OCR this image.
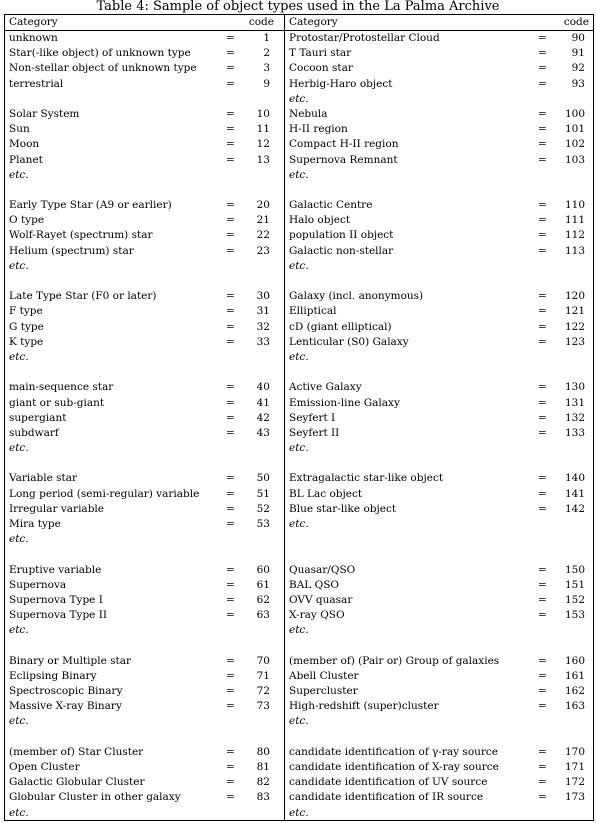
Table 4: Sample of object types used in the La Palma Archive
Category	code
unknown	=	1
Star(-like object) of unknown type	=	2
Non-stellar object of unknown type	=	3
terrestrial	=	9
Solar System	=	10
Sun	=	11
Moon	=	12
Planet	=	13
etc.
Early Type Star (A9 or earlier)	=	20
O type	=	21
Wolf-Rayet (spectrum) star	=	22
Helium (spectrum) star	=	23
etc.
Late Type Star (F0 or later)	=	30
F type	=	31
G type	=	32
K type	=	33
etc.
main-sequence star	=	40
giant or sub-giant	=	41
supergiant	=	42
subdwarf	=	43
etc.
Variable star	=	50
Long period (semi-regular) variable	=	51
Irregular variable	=	52
Mira type	=	53
etc.
Eruptive variable	=	60
Supernova	=	61
Supernova Type I	=	62
Supernova Type II	=	63
etc.
Binary or Multiple star	=	70
Eclipsing Binary	=	71
Spectroscopic Binary	=	72
Massive X-ray Binary	=	73
etc.
(member of) Star Cluster	=	80
Open Cluster	=	81
Galactic Globular Cluster	=	82
Globular Cluster in other galaxy	=	83
etc.
Category	code
Protostar/Protostellar Cloud	=	90
T Tauri star	=	91
Cocoon star	=	92
Herbig-Haro object	=	93
etc.
Nebula	=	100
H-II region	=	101
Compact H-II region	=	102
Supernova Remnant	=	103
etc.
Galactic Centre	=	110
Halo object	=	111
population II object	=	112
Galactic non-stellar	=	113
etc.
Galaxy (incl. anonymous)	=	120
Elliptical	=	121
cD (giant elliptical)	=	122
Lenticular (S0) Galaxy	=	123
etc.
Active Galaxy	=	130
Emission-line Galaxy	=	131
Seyfert I	=	132
Seyfert II	=	133
etc.
Extragalactic star-like object	=	140
BL Lac object	=	141
Blue star-like object	=	142
etc.
Quasar/QSO	=	150
BAL QSO	=	151
OVV quasar	=	152
X-ray QSO	=	153
etc.
(member of) (Pair or) Group of galaxies	=	160
Abell Cluster	=	161
Supercluster	=	162
High-redshift (super)cluster	=	163
etc.
candidate identification of γ-ray source	=	170
candidate identification of X-ray source	=	171
candidate identification of UV source	=	172
candidate identification of IR source	=	173
etc.
